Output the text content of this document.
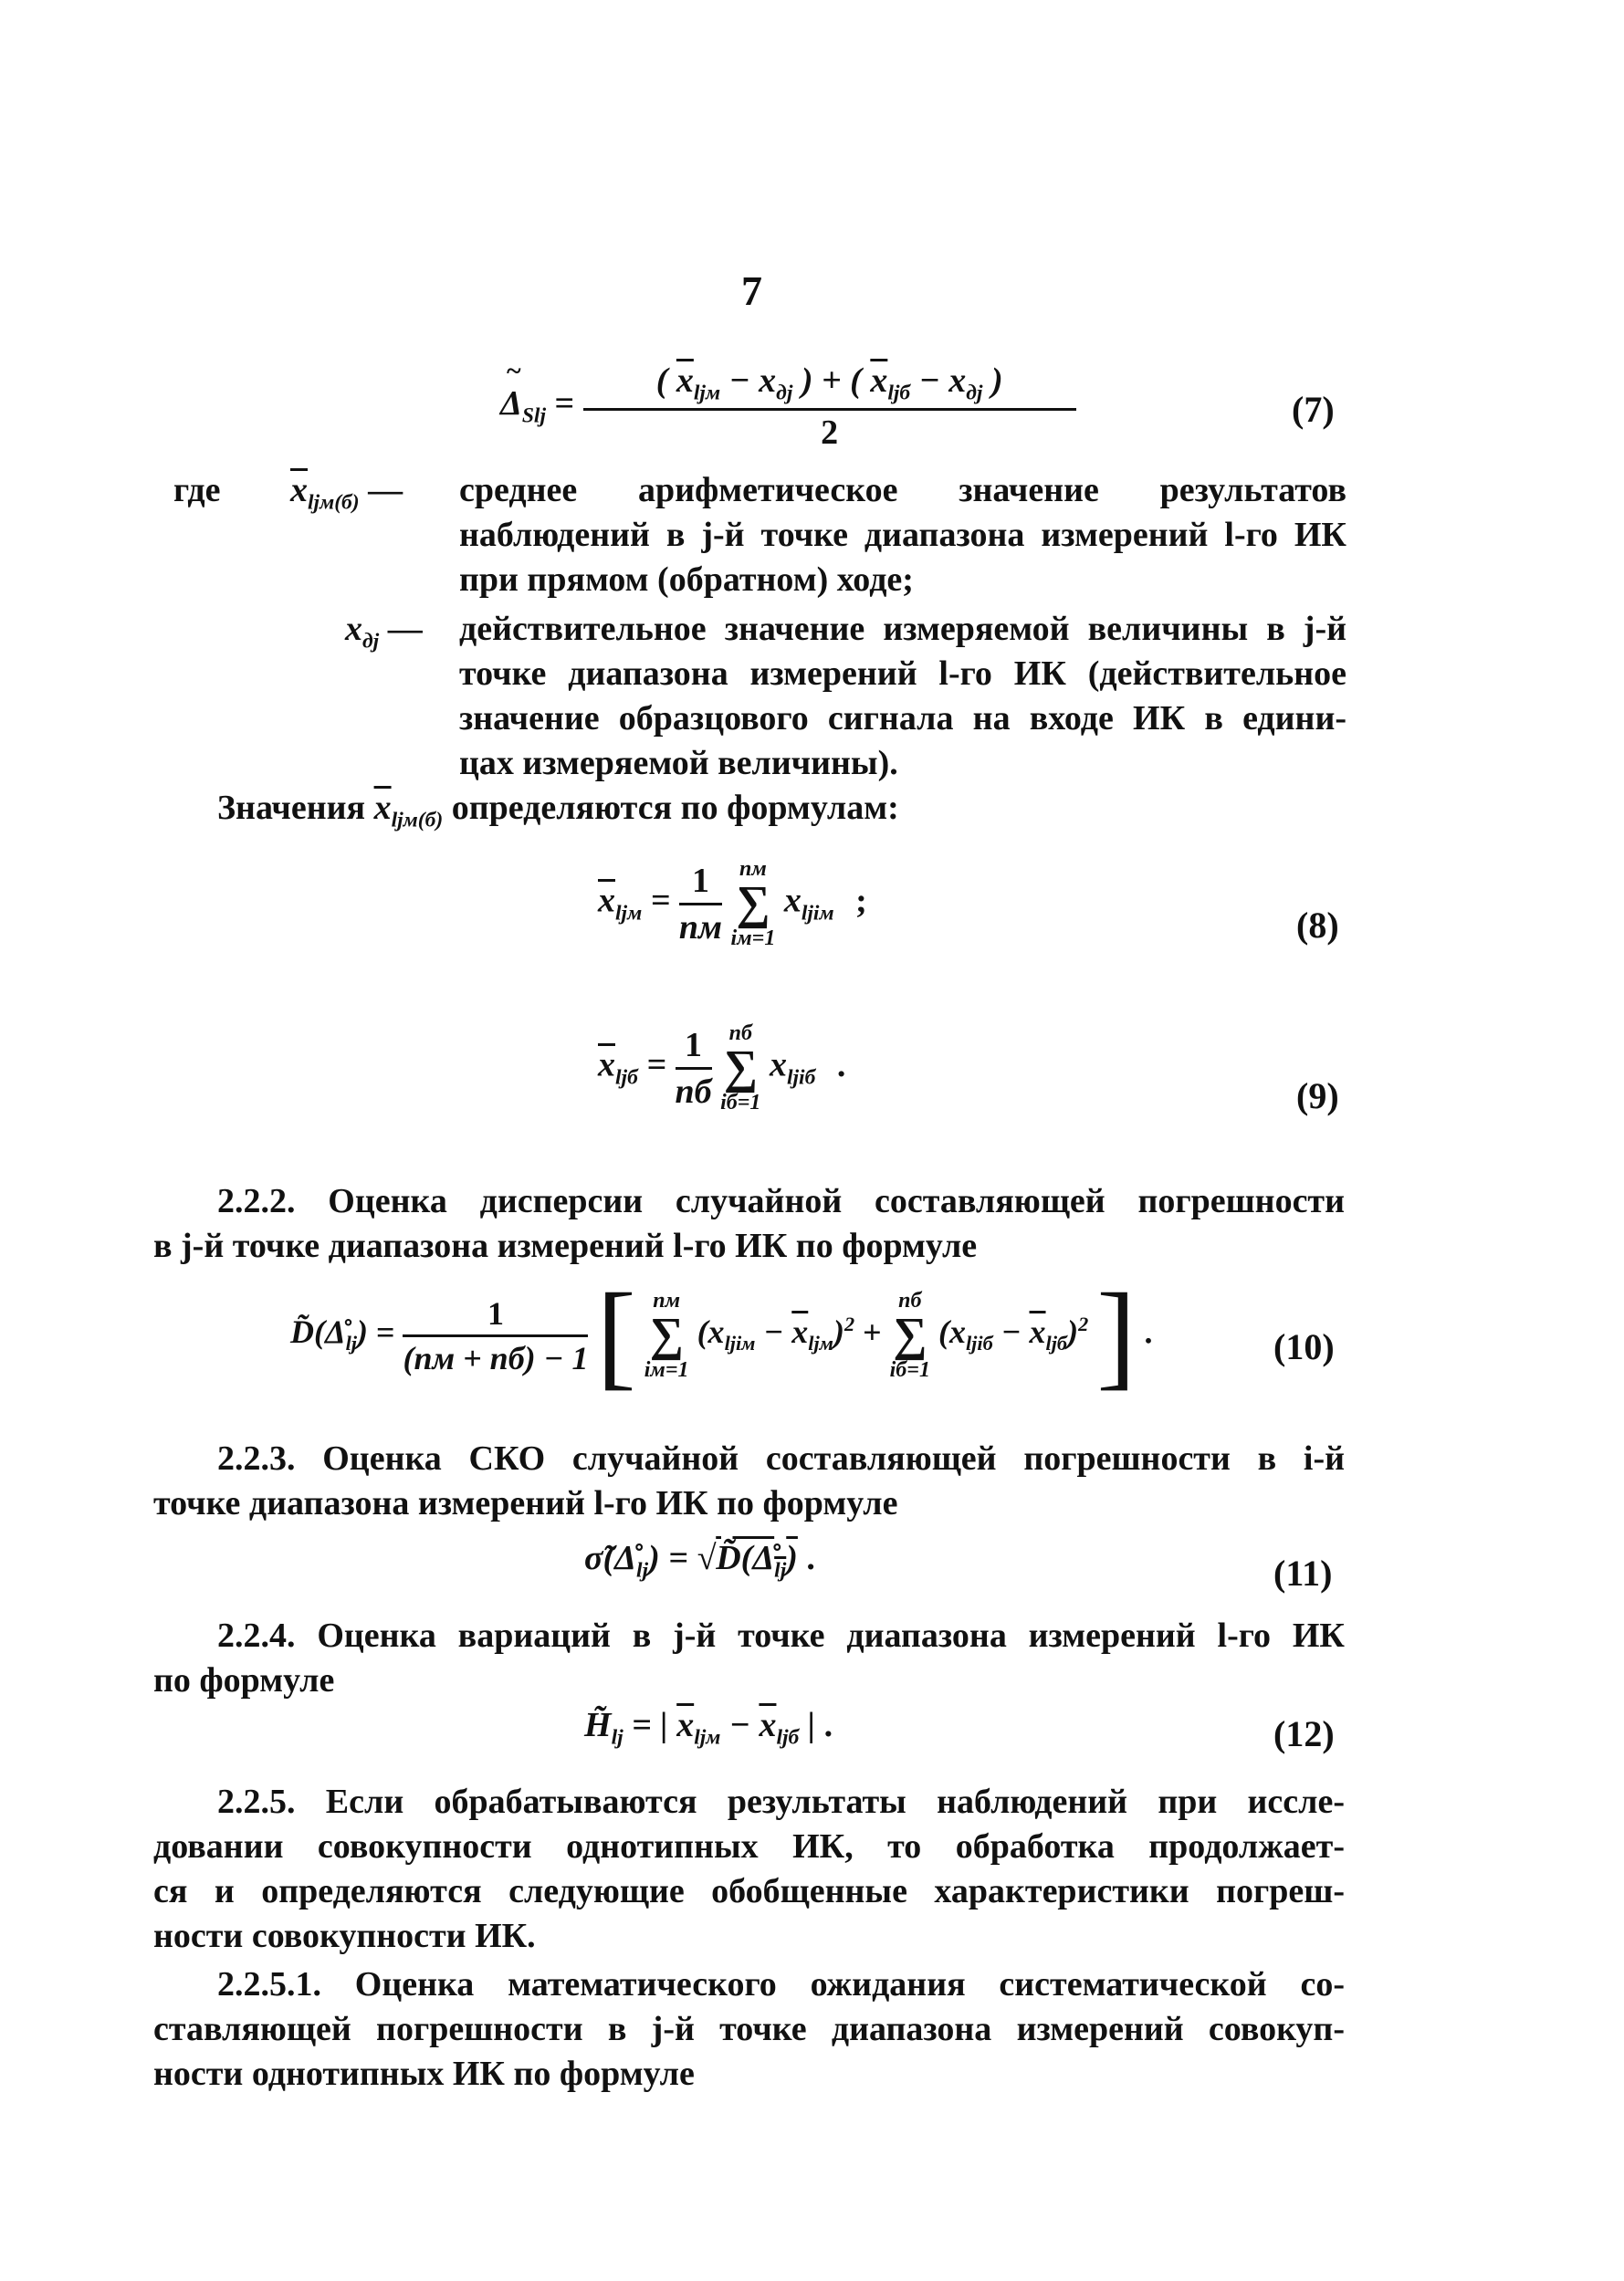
7
Δ
~
$_{Slj} = \frac{( \overline{x}_{ljм} - x_{дj} ) + ( \overline{x}_{ljб} - x_{дj} )}{2}$	(7)
где $\overline{x}_{ljм(б)}$ — среднее арифметическое значение результатов
наблюдений в j-й точке диапазона измерений l-го ИК
при прямом (обратном) ходе;
$x_{дj}$ — действительное значение измеряемой величины в j-й
точке диапазона измерений l-го ИК (действительное
значение образцового сигнала на входе ИК в едини-
цах измеряемой величины).
Значения $\overline{x}_{ljм(б)}$ определяются по формулам:
$\overline{x}_{ljм} = \frac{1}{nм}$
nм
∑
iм=1
$x_{ljiм}$ ;
(8)
$\overline{x}_{ljб} = \frac{1}{nб}$
nб
∑
iб=1
$x_{ljiб}$ .
(9)
2.2.2. Оценка дисперсии случайной составляющей погрешности
в j-й точке диапазона измерений l-го ИК по формуле
$D̃(\Deltå_{lj}) = \frac{1}{(nм + nб) - 1}$ [ nм
∑
iм=1
$(x_{ljiм} - \overline{x}_{ljм})^2$ +
nб
∑
iб=1
$(x_{ljiб} - \overline{x}_{ljб})^2$ ] .	(10)
2.2.3. Оценка СКО случайной составляющей погрешности в i-й
точке диапазона измерений l-го ИК по формуле
$\sigmã(\Deltå_{lj})$ = $√D̃(\Deltå_{lj})$ .	(11)
2.2.4. Оценка вариаций в j-й точке диапазона измерений l-го ИК
по формуле
$H̃_{lj}$ = | $\overline{x}_{ljм} - \overline{x}_{ljб}$ | .	(12)
2.2.5. Если обрабатываются результаты наблюдений при иссле-
довании совокупности однотипных ИК, то обработка продолжает-
ся и определяются следующие обобщенные характеристики погреш-
ности совокупности ИК.
2.2.5.1. Оценка математического ожидания систематической со-
ставляющей погрешности в j-й точке диапазона измерений совокуп-
ности однотипных ИК по формуле
